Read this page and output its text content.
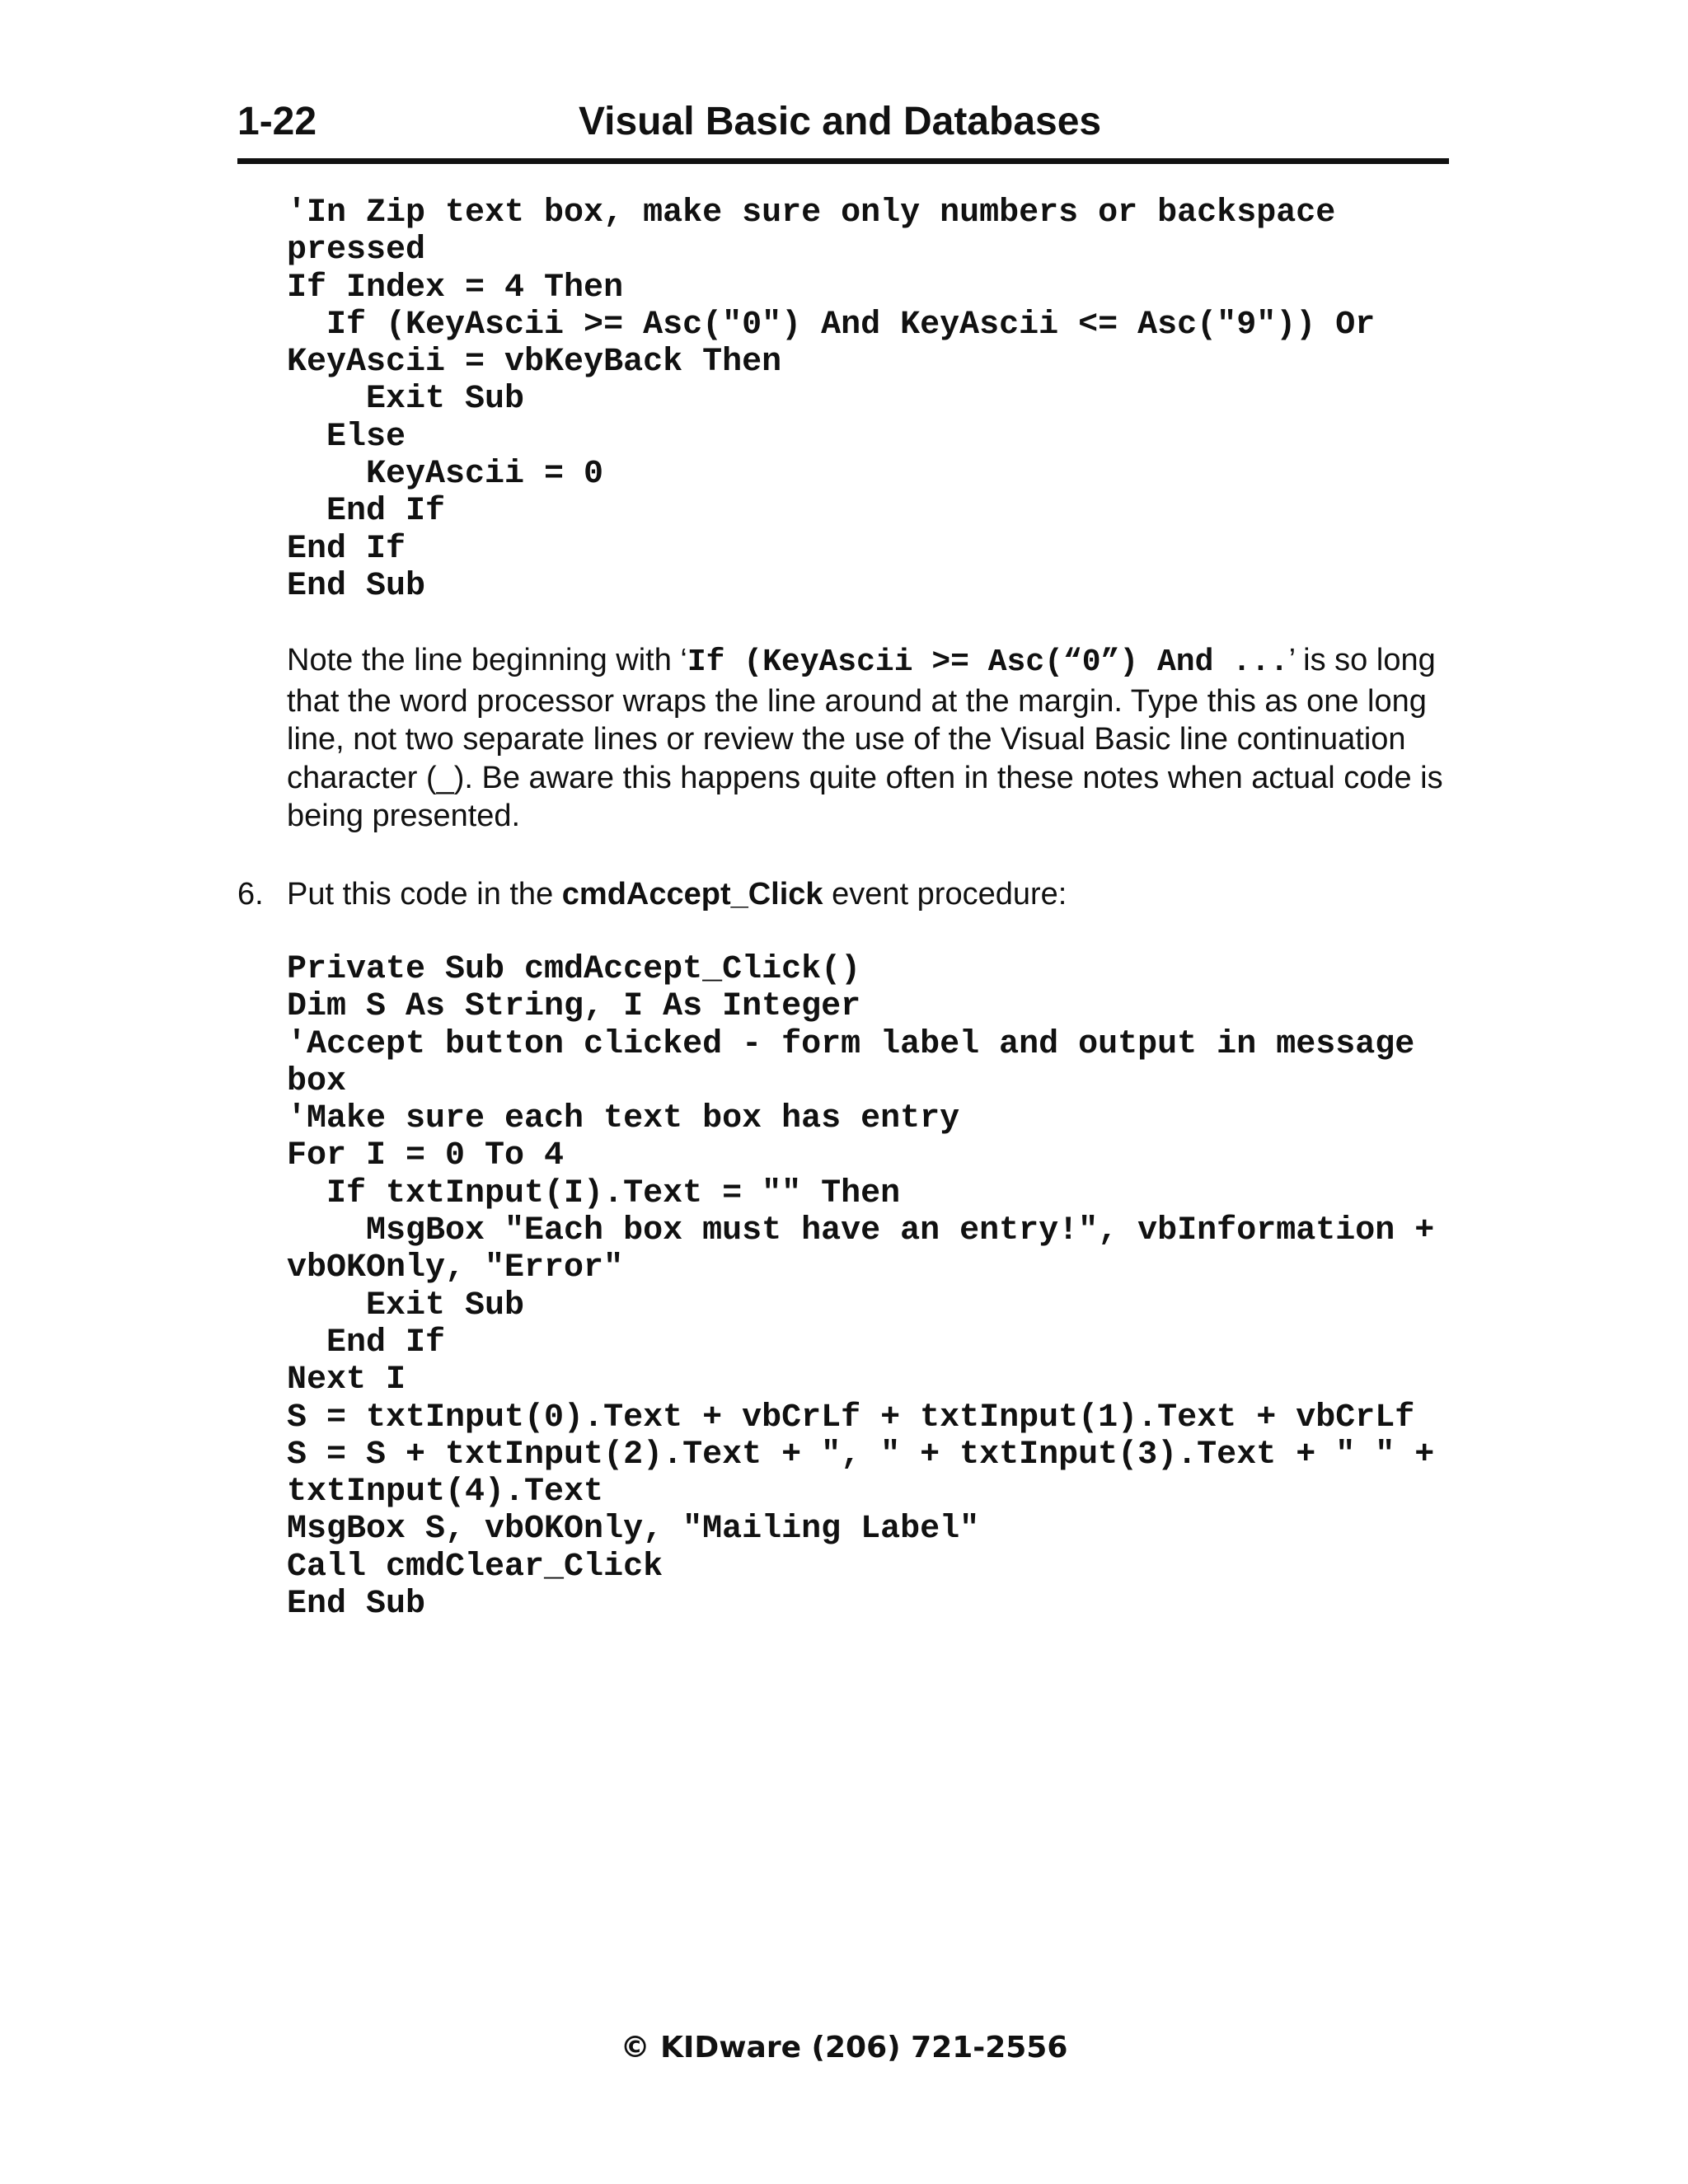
1-22	Visual Basic and Databases
'In Zip text box, make sure only numbers or backspace
pressed
If Index = 4 Then
If (KeyAscii >= Asc("0") And KeyAscii <= Asc("9")) Or
KeyAscii = vbKeyBack Then
Exit Sub
Else
KeyAscii = 0
End If
End If
End Sub
Note the line beginning with ‘If (KeyAscii >= Asc(“0”) And ...’ is so long that the word processor wraps the line around at the margin. Type this as one long line, not two separate lines or review the use of the Visual Basic line continuation character (_). Be aware this happens quite often in these notes when actual code is being presented.
6. Put this code in the cmdAccept_Click event procedure:
Private Sub cmdAccept_Click()
Dim S As String, I As Integer
'Accept button clicked - form label and output in message
box
'Make sure each text box has entry
For I = 0 To 4
If txtInput(I).Text = "" Then
MsgBox "Each box must have an entry!", vbInformation +
vbOKOnly, "Error"
Exit Sub
End If
Next I
S = txtInput(0).Text + vbCrLf + txtInput(1).Text + vbCrLf
S = S + txtInput(2).Text + ", " + txtInput(3).Text + " " +
txtInput(4).Text
MsgBox S, vbOKOnly, "Mailing Label"
Call cmdClear_Click
End Sub
© KIDware (206) 721-2556
